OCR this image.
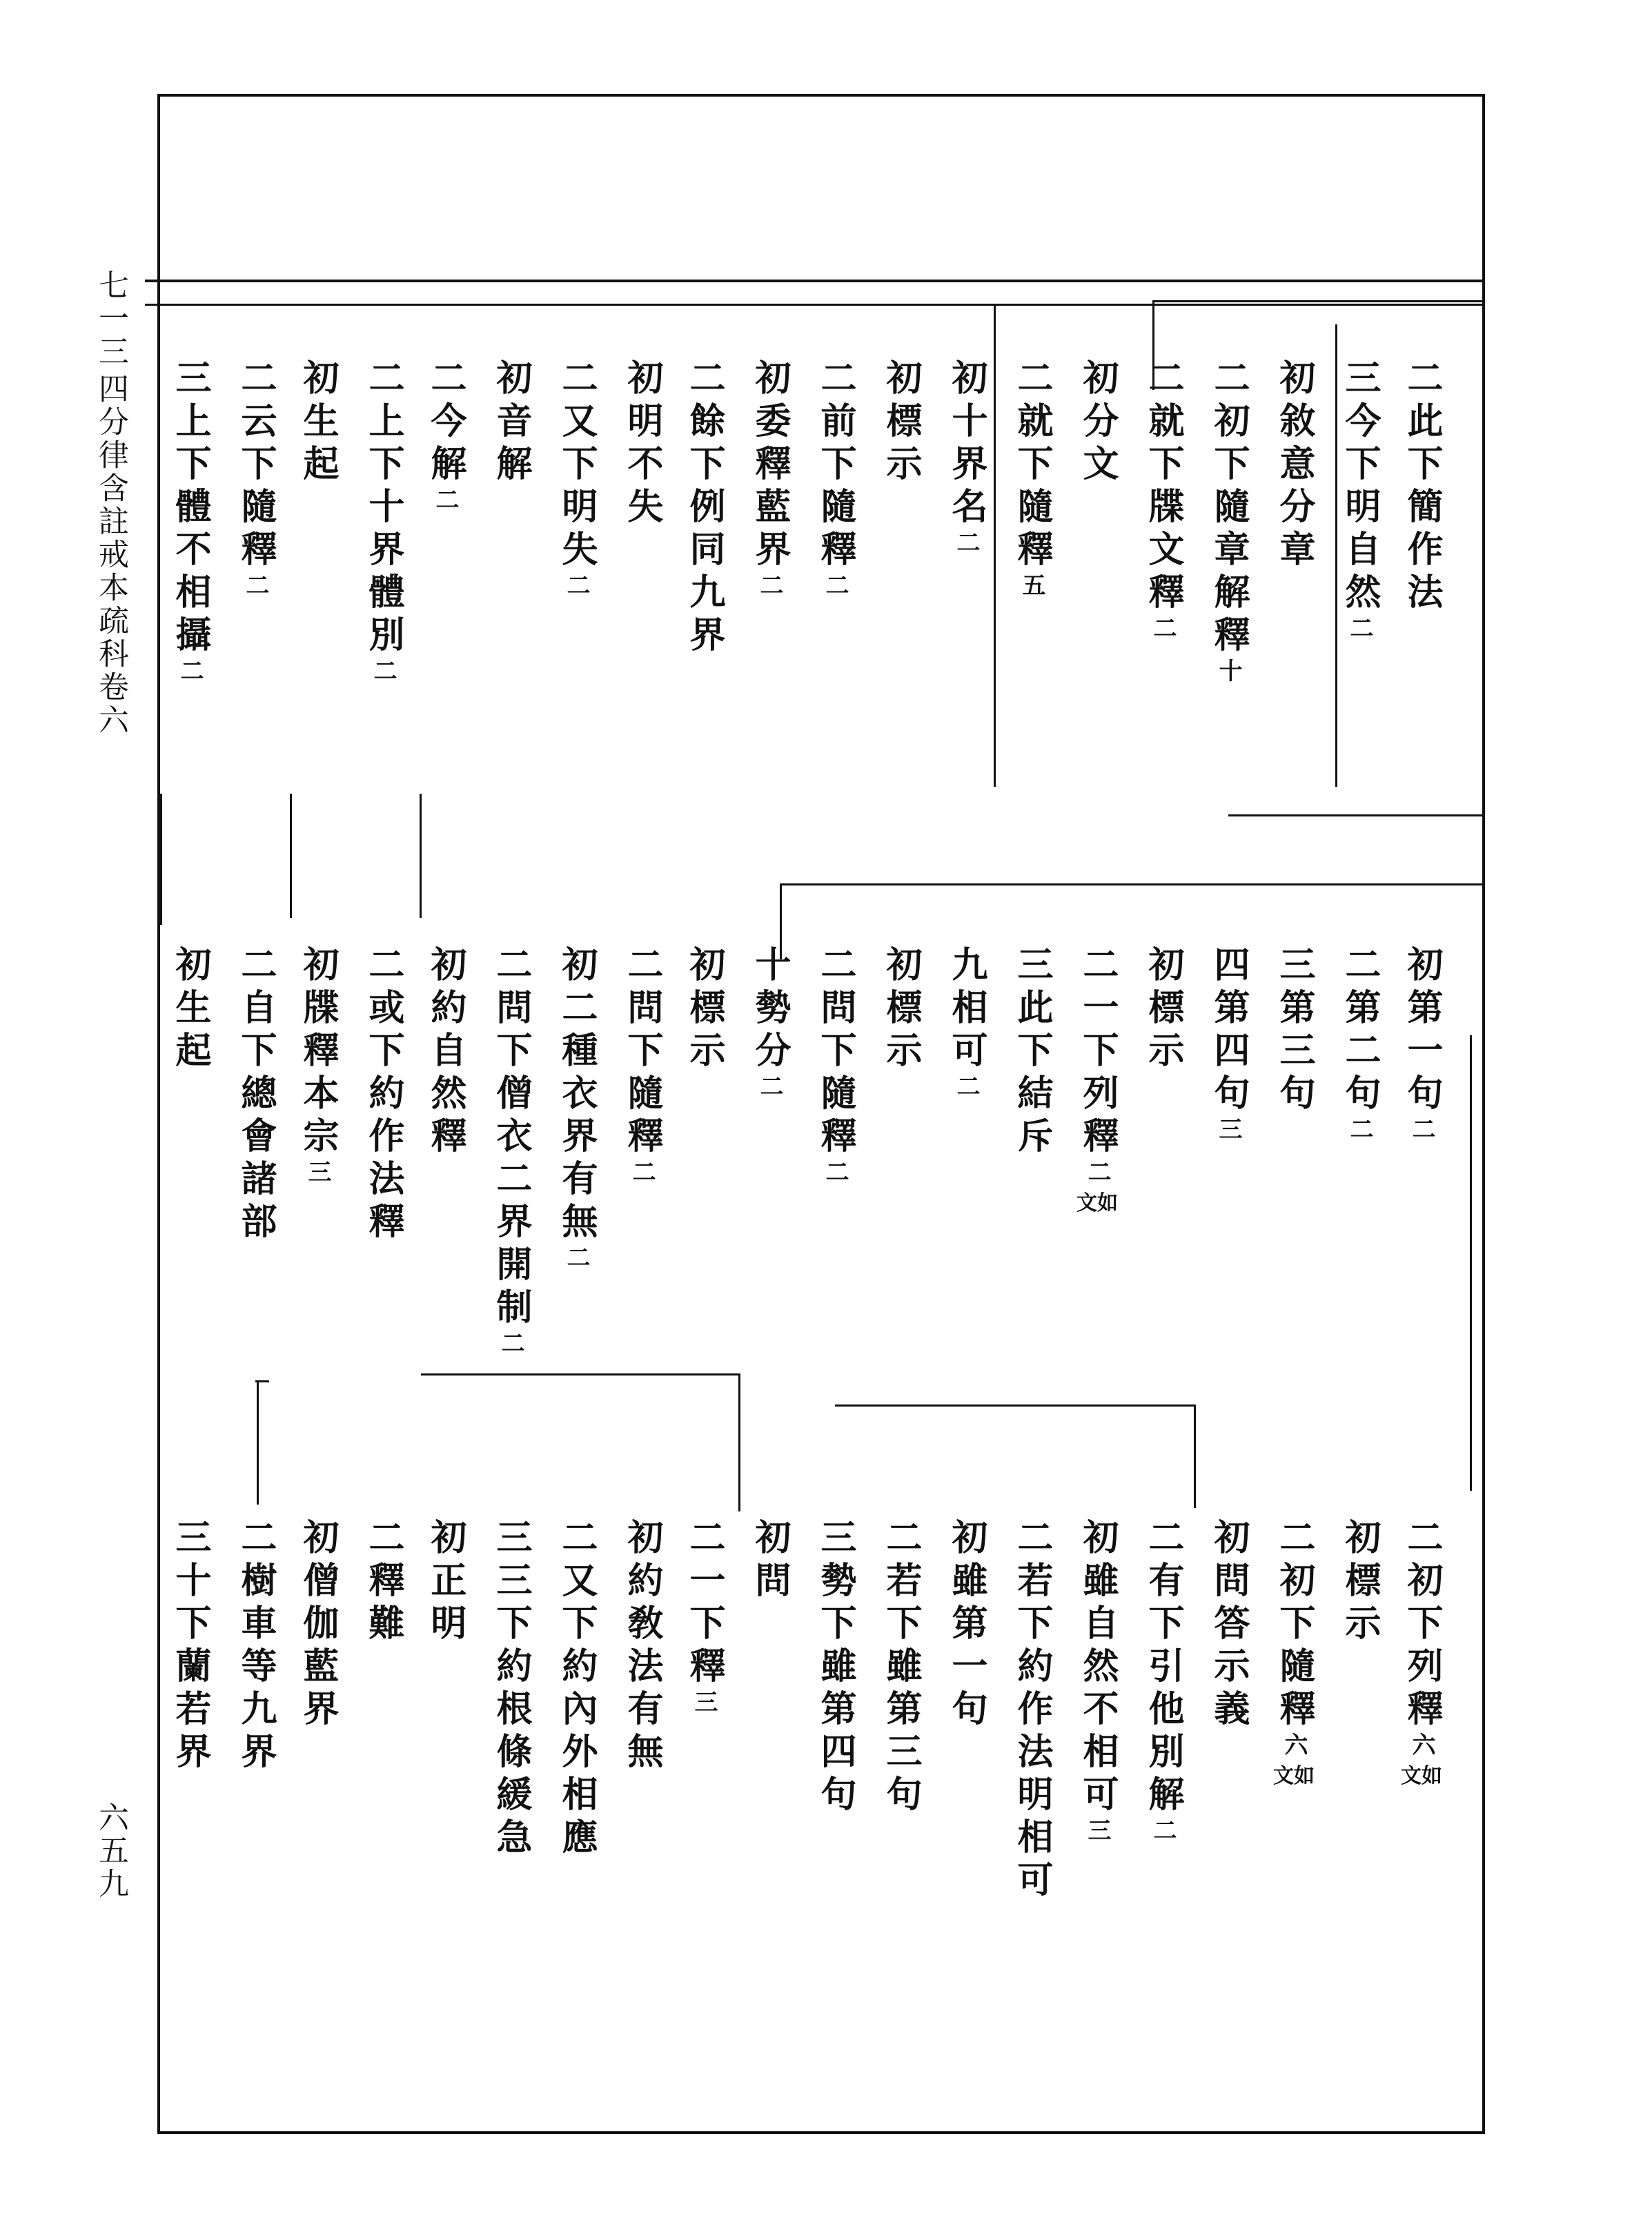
七一三
四分律含註戒本疏科卷六
六五九
二此下簡作法
三今下明自然二
初敘意分章
二初下隨章解釋十
二就下牒文釋二
初分文
二就下隨釋五
初十界名二
初標示
二前下隨釋二
初委釋藍界二
二餘下例同九界
初明不失
二又下明失二
初音解
二今解二
二上下十界體別二
初生起
二云下隨釋二
三上下體不相攝二
初第一句二
二第二句二
三第三句
四第四句三
初標示
二一下列釋二文如
三此下結斥
九相可二
初標示
二問下隨釋二
十勢分二
初標示
二問下隨釋二
初二種衣界有無二
二問下僧衣二界開制二
初約自然釋
二或下約作法釋
初牒釋本宗三
二自下總會諸部
初生起
二初下列釋六文如
初標示
二初下隨釋六文如
初問答示義
二有下引他別解二
初雖自然不相可三
二若下約作法明相可
初雖第一句
二若下雖第三句
三勢下雖第四句
初問
二一下釋三
初約敎法有無
二又下約內外相應
三三下約根條緩急
初正明
二釋難
初僧伽藍界
二樹車等九界
三十下蘭若界
